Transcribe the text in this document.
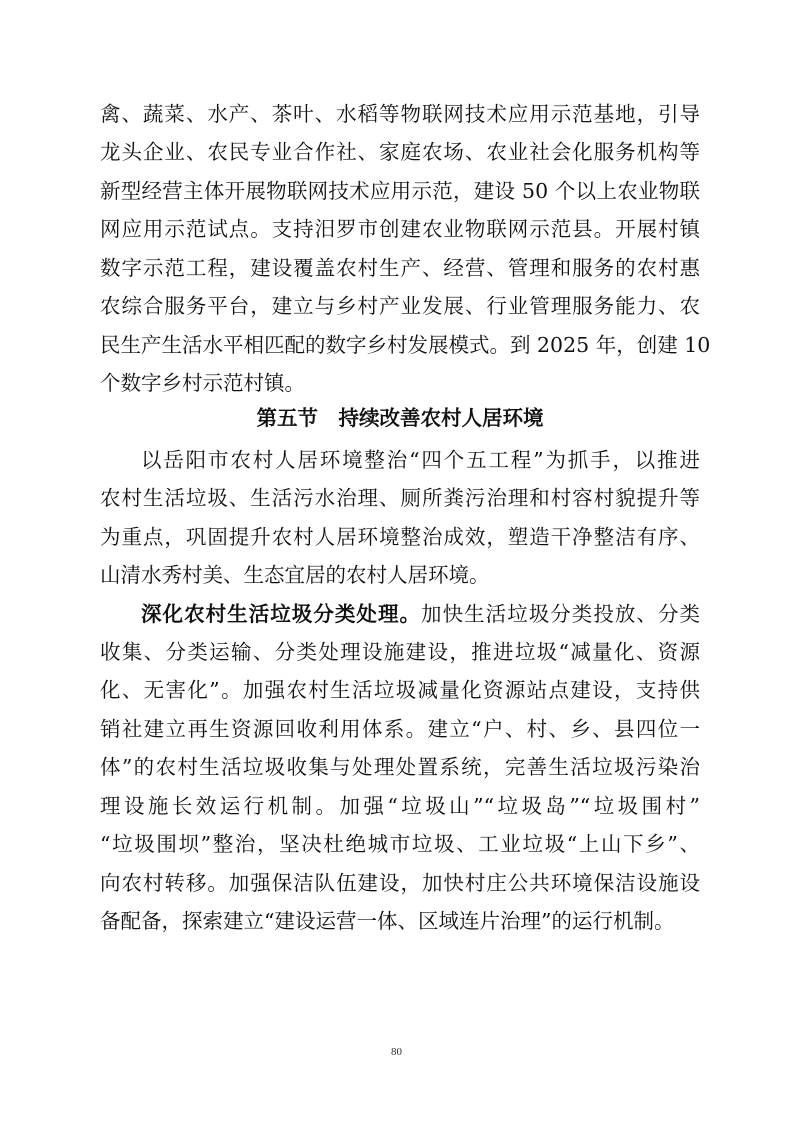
禽、蔬菜、水产、茶叶、水稻等物联网技术应用示范基地，引导
龙头企业、农民专业合作社、家庭农场、农业社会化服务机构等
新型经营主体开展物联网技术应用示范，建设 50 个以上农业物联
网应用示范试点。支持汨罗市创建农业物联网示范县。开展村镇
数字示范工程，建设覆盖农村生产、经营、管理和服务的农村惠
农综合服务平台，建立与乡村产业发展、行业管理服务能力、农
民生产生活水平相匹配的数字乡村发展模式。到 2025 年，创建 10
个数字乡村示范村镇。
第五节　持续改善农村人居环境
以岳阳市农村人居环境整治“四个五工程”为抓手，以推进
农村生活垃圾、生活污水治理、厕所粪污治理和村容村貌提升等
为重点，巩固提升农村人居环境整治成效，塑造干净整洁有序、
山清水秀村美、生态宜居的农村人居环境。
深化农村生活垃圾分类处理。加快生活垃圾分类投放、分类
收集、分类运输、分类处理设施建设，推进垃圾“减量化、资源
化、无害化”。加强农村生活垃圾减量化资源站点建设，支持供
销社建立再生资源回收利用体系。建立“户、村、乡、县四位一
体”的农村生活垃圾收集与处理处置系统，完善生活垃圾污染治
理设施长效运行机制。加强“垃圾山”“垃圾岛”“垃圾围村”
“垃圾围坝”整治，坚决杜绝城市垃圾、工业垃圾“上山下乡”、
向农村转移。加强保洁队伍建设，加快村庄公共环境保洁设施设
80
备配备，探索建立“建设运营一体、区域连片治理”的运行机制。
